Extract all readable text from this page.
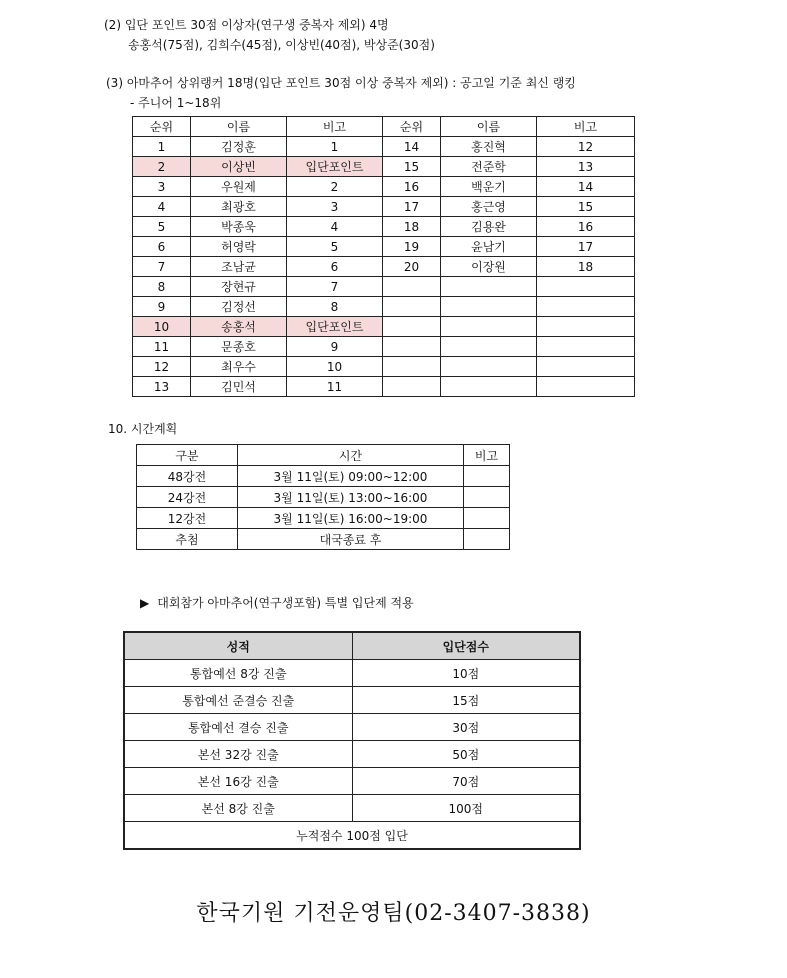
(2) 입단 포인트 30점 이상자(연구생 중복자 제외) 4명
송홍석(75점), 김희수(45점), 이상빈(40점), 박상준(30점)
(3) 아마추어 상위랭커 18명(입단 포인트 30점 이상 중복자 제외) : 공고일 기준 최신 랭킹
- 주니어 1~18위
순위	이름	비고	순위	이름	비고
1	김정훈	1	14	홍진혁	12
2	이상빈	입단포인트	15	전준학	13
3	우원제	2	16	백운기	14
4	최광호	3	17	홍근영	15
5	박종욱	4	18	김용완	16
6	허영락	5	19	윤남기	17
7	조남균	6	20	이장원	18
8	장현규	7			
9	김정선	8			
10	송홍석	입단포인트			
11	문종호	9			
12	최우수	10			
13	김민석	11			
10. 시간계획
구분	시간	비고
48강전	3월 11일(토) 09:00~12:00	
24강전	3월 11일(토) 13:00~16:00	
12강전	3월 11일(토) 16:00~19:00	
추첨	대국종료 후	
▶ 대회참가 아마추어(연구생포함) 특별 입단제 적용
성적	입단점수
통합예선 8강 진출	10점
통합예선 준결승 진출	15점
통합예선 결승 진출	30점
본선 32강 진출	50점
본선 16강 진출	70점
본선 8강 진출	100점
누적점수 100점 입단	
한국기원 기전운영팀(02-3407-3838)
